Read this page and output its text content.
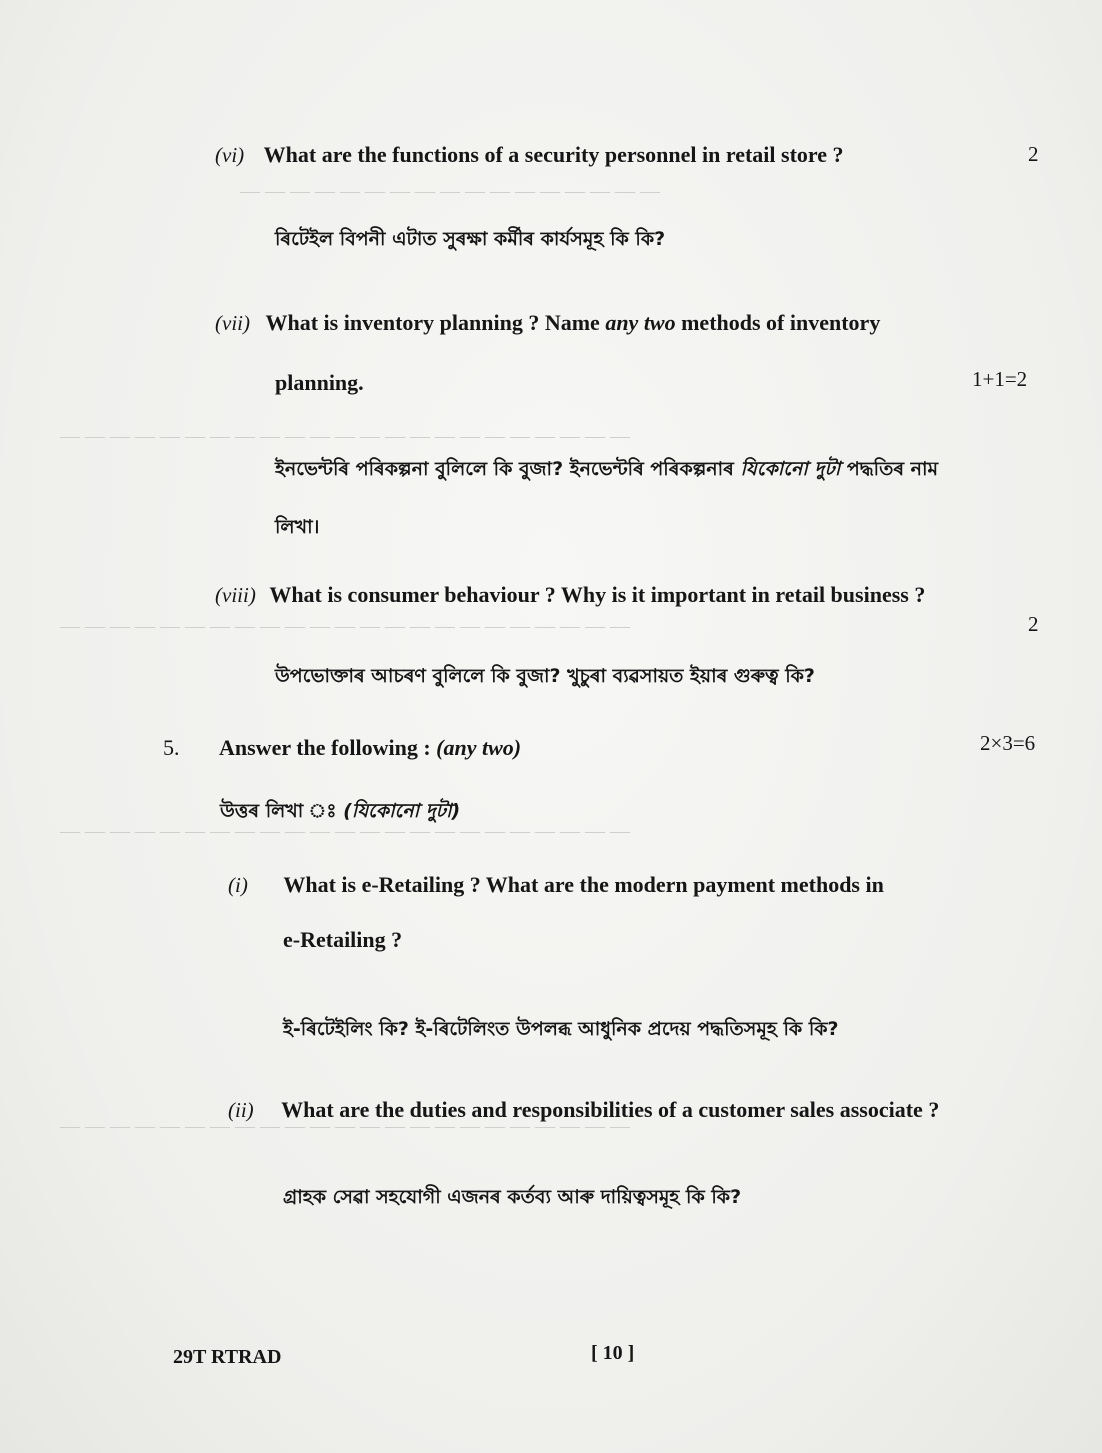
— — — — — — — — — — — — — — — — —
— — — — — — — — — — — — — — — — — — — — — — —
— — — — — — — — — — — — — — — — — — — — — — —
— — — — — — — — — — — — — — — — — — — — — — —
— — — — — — — — — — — — — — — — — — — — — — —
(vi) What are the functions of a security personnel in retail store ?	2
ৰিটেইল বিপনী এটাত সুৰক্ষা কৰ্মীৰ কাৰ্যসমূহ কি কি?
(vii) What is inventory planning ? Name any two methods of inventory
planning.	1+1=2
ইনভেন্টৰি পৰিকল্পনা বুলিলে কি বুজা? ইনভেন্টৰি পৰিকল্পনাৰ যিকোনো দুটা পদ্ধতিৰ নাম
লিখা।
(viii) What is consumer behaviour ? Why is it important in retail business ?
2
উপভোক্তাৰ আচৰণ বুলিলে কি বুজা? খুচুৰা ব্যৱসায়ত ইয়াৰ গুৰুত্ব কি?
5. Answer the following : (any two)	2×3=6
উত্তৰ লিখা ঃ (যিকোনো দুটা)
(i) What is e-Retailing ? What are the modern payment methods in
e-Retailing ?
ই-ৰিটেইলিং কি? ই-ৰিটেলিংত উপলব্ধ আধুনিক প্ৰদেয় পদ্ধতিসমূহ কি কি?
(ii) What are the duties and responsibilities of a customer sales associate ?
গ্ৰাহক সেৱা সহযোগী এজনৰ কৰ্তব্য আৰু দায়িত্বসমূহ কি কি?
29T RTRAD	[ 10 ]
